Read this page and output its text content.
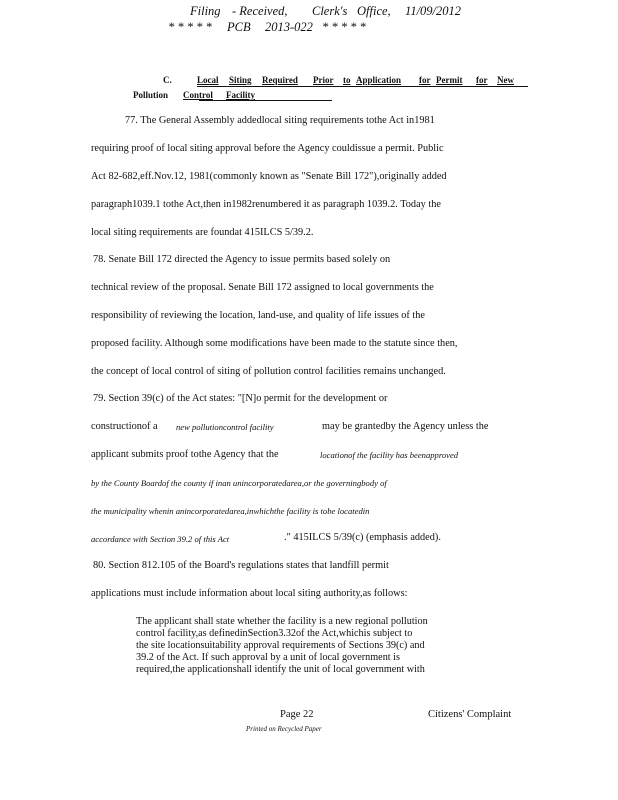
Filing - Received, Clerk's Office, 11/09/2012
* * * * * PCB 2013-022 * * * * *
C.	Local Siting Required Prior to Application for Permit for New
Pollution Control Facility
77. The General Assembly addedlocal siting requirements tothe Act in1981
requiring proof of local siting approval before the Agency couldissue a permit. Public
Act 82-682,eff.Nov.12, 1981(commonly known as "Senate Bill 172"),originally added
paragraph1039.1 tothe Act,then in1982renumbered it as paragraph 1039.2. Today the
local siting requirements are foundat 415ILCS 5/39.2.
78. Senate Bill 172 directed the Agency to issue permits based solely on
technical review of the proposal. Senate Bill 172 assigned to local governments the
responsibility of reviewing the location, land-use, and quality of life issues of the
proposed facility. Although some modifications have been made to the statute since then,
the concept of local control of siting of pollution control facilities remains unchanged.
79. Section 39(c) of the Act states: "[N]o permit for the development or
constructionof a new pollutioncontrol facility	may be grantedby the Agency unless the
applicant submits proof tothe Agency that the	locationof the facility has beenapproved
by the County Boardof the county if inan unincorporatedarea,or the governingbody of
the municipality whenin anincorporatedarea,inwhichthe facility is tobe locatedin
accordance with Section 39.2 of this Act	." 415ILCS 5/39(c) (emphasis added).
80. Section 812.105 of the Board's regulations states that landfill permit
applications must include information about local siting authority,as follows:
The applicant shall state whether the facility is a new regional pollution
control facility,as definedinSection3.32of the Act,whichis subject to
the site locationsuitability approval requirements of Sections 39(c) and
39.2 of the Act. If such approval by a unit of local government is
required,the applicationshall identify the unit of local government with
Page 22	Citizens' Complaint
Printed on Recycled Paper
